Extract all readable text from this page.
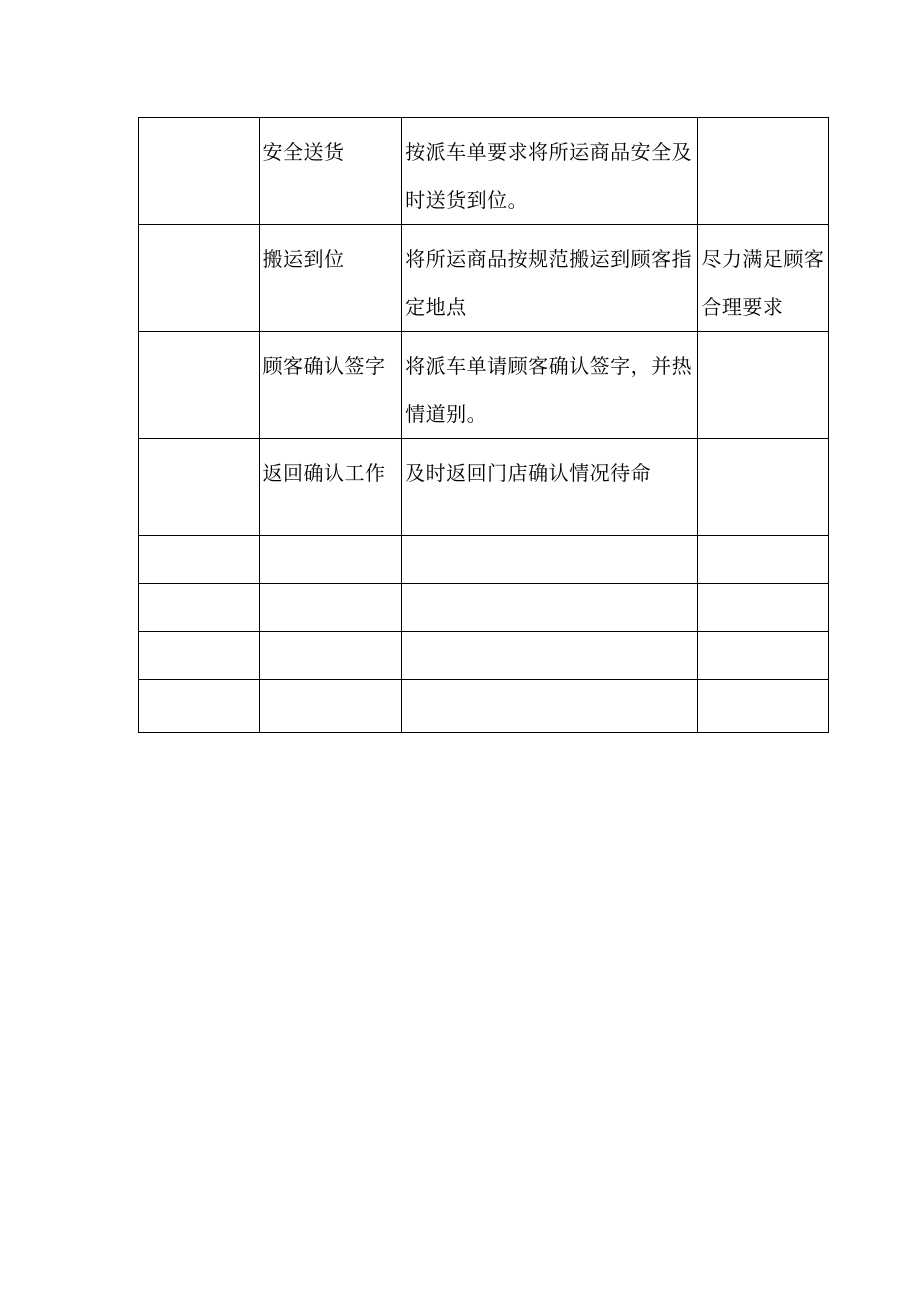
	安全送货	按派车单要求将所运商品安全及时送货到位。	

	搬运到位	将所运商品按规范搬运到顾客指定地点	尽力满足顾客合理要求

	顾客确认签字	将派车单请顾客确认签字，并热情道别。	

	返回确认工作	及时返回门店确认情况待命	
